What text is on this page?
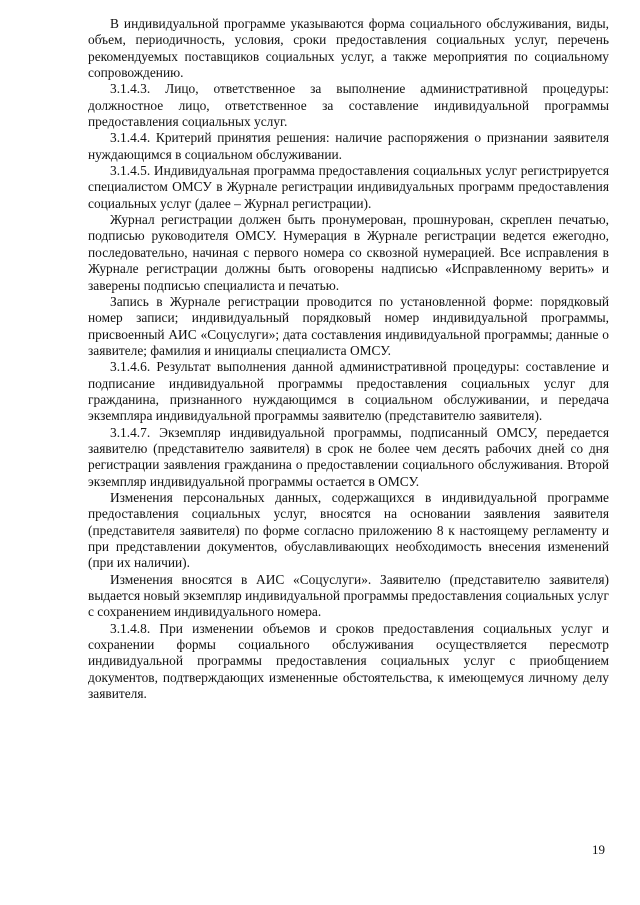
В индивидуальной программе указываются форма социального обслуживания, виды, объем, периодичность, условия, сроки предоставления социальных услуг, перечень рекомендуемых поставщиков социальных услуг, а также мероприятия по социальному сопровождению.

3.1.4.3. Лицо, ответственное за выполнение административной процедуры: должностное лицо, ответственное за составление индивидуальной программы предоставления социальных услуг.

3.1.4.4. Критерий принятия решения: наличие распоряжения о признании заявителя нуждающимся в социальном обслуживании.

3.1.4.5. Индивидуальная программа предоставления социальных услуг регистрируется специалистом ОМСУ в Журнале регистрации индивидуальных программ предоставления социальных услуг (далее – Журнал регистрации).

Журнал регистрации должен быть пронумерован, прошнурован, скреплен печатью, подписью руководителя ОМСУ. Нумерация в Журнале регистрации ведется ежегодно, последовательно, начиная с первого номера со сквозной нумерацией. Все исправления в Журнале регистрации должны быть оговорены надписью «Исправленному верить» и заверены подписью специалиста и печатью.

Запись в Журнале регистрации проводится по установленной форме: порядковый номер записи; индивидуальный порядковый номер индивидуальной программы, присвоенный АИС «Соцуслуги»; дата составления индивидуальной программы; данные о заявителе; фамилия и инициалы специалиста ОМСУ.

3.1.4.6. Результат выполнения данной административной процедуры: составление и подписание индивидуальной программы предоставления социальных услуг для гражданина, признанного нуждающимся в социальном обслуживании, и передача экземпляра индивидуальной программы заявителю (представителю заявителя).

3.1.4.7. Экземпляр индивидуальной программы, подписанный ОМСУ, передается заявителю (представителю заявителя) в срок не более чем десять рабочих дней со дня регистрации заявления гражданина о предоставлении социального обслуживания. Второй экземпляр индивидуальной программы остается в ОМСУ.

Изменения персональных данных, содержащихся в индивидуальной программе предоставления социальных услуг, вносятся на основании заявления заявителя (представителя заявителя) по форме согласно приложению 8 к настоящему регламенту и при представлении документов, обуславливающих необходимость внесения изменений (при их наличии).

Изменения вносятся в АИС «Соцуслуги». Заявителю (представителю заявителя) выдается новый экземпляр индивидуальной программы предоставления социальных услуг с сохранением индивидуального номера.

3.1.4.8. При изменении объемов и сроков предоставления социальных услуг и сохранении формы социального обслуживания осуществляется пересмотр индивидуальной программы предоставления социальных услуг с приобщением документов, подтверждающих измененные обстоятельства, к имеющемуся личному делу заявителя.

19
